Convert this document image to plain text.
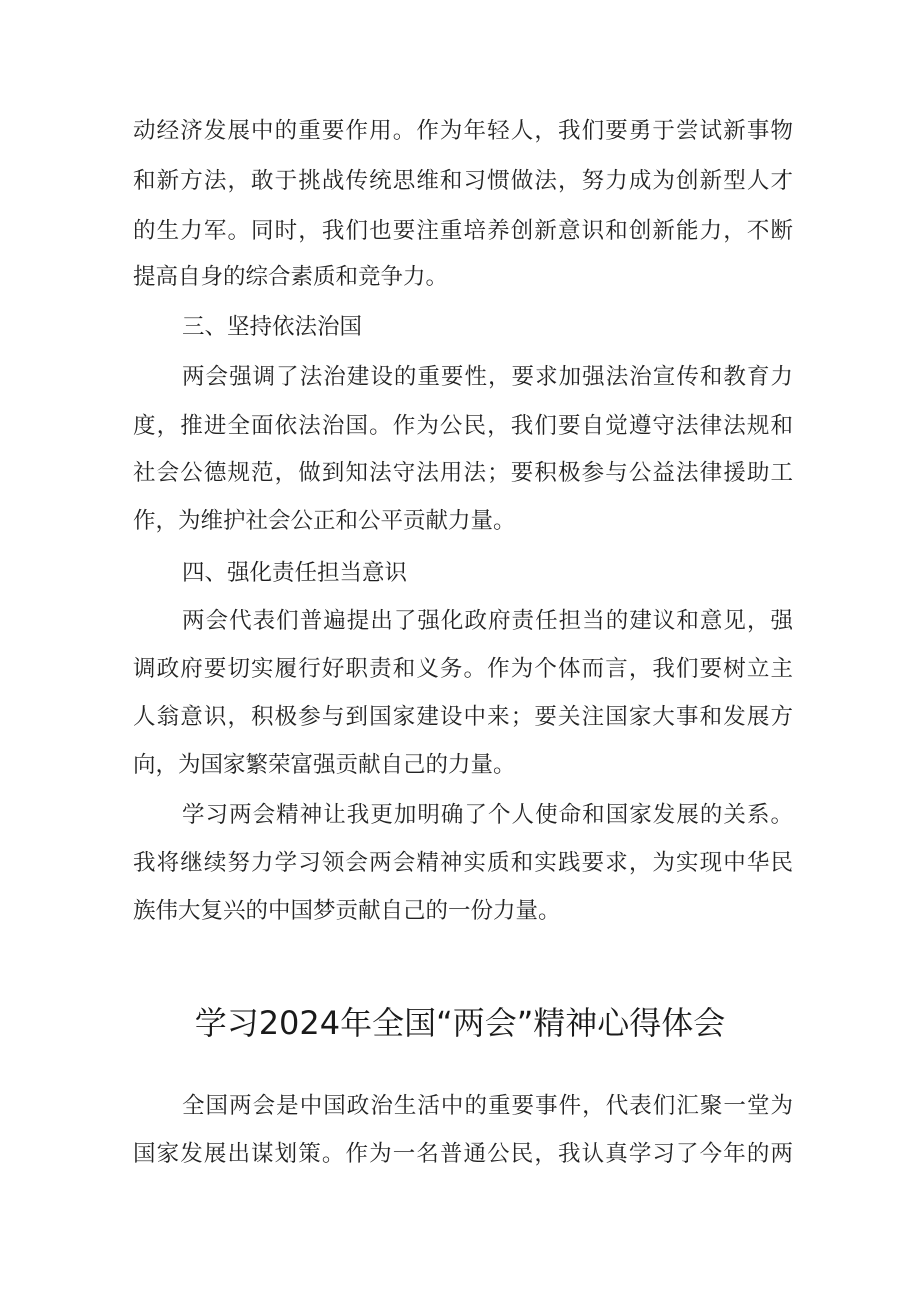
动经济发展中的重要作用。作为年轻人，我们要勇于尝试新事物
和新方法，敢于挑战传统思维和习惯做法，努力成为创新型人才
的生力军。同时，我们也要注重培养创新意识和创新能力，不断
提高自身的综合素质和竞争力。
三、坚持依法治国
两会强调了法治建设的重要性，要求加强法治宣传和教育力
度，推进全面依法治国。作为公民，我们要自觉遵守法律法规和
社会公德规范，做到知法守法用法；要积极参与公益法律援助工
作，为维护社会公正和公平贡献力量。
四、强化责任担当意识
两会代表们普遍提出了强化政府责任担当的建议和意见，强
调政府要切实履行好职责和义务。作为个体而言，我们要树立主
人翁意识，积极参与到国家建设中来；要关注国家大事和发展方
向，为国家繁荣富强贡献自己的力量。
学习两会精神让我更加明确了个人使命和国家发展的关系。
我将继续努力学习领会两会精神实质和实践要求，为实现中华民
族伟大复兴的中国梦贡献自己的一份力量。
全国两会是中国政治生活中的重要事件，代表们汇聚一堂为
国家发展出谋划策。作为一名普通公民，我认真学习了今年的两
学习2024年全国“两会”精神心得体会
